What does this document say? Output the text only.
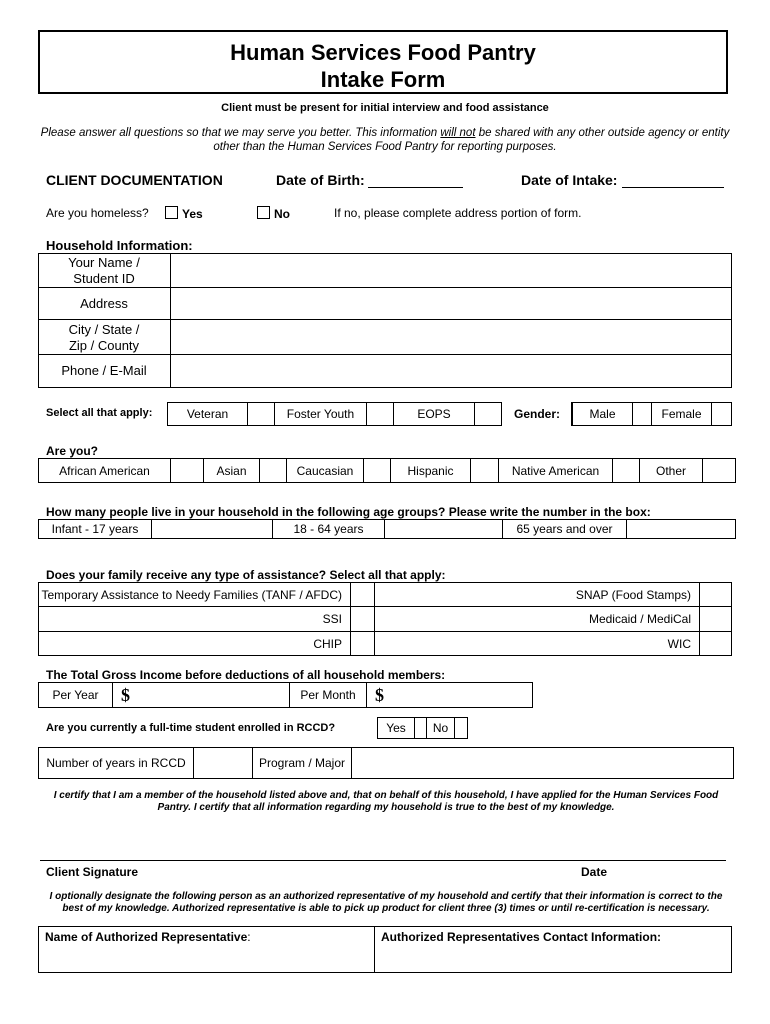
Human Services Food Pantry
Intake Form
Client must be present for initial interview and food assistance
Please answer all questions so that we may serve you better. This information will not be shared with any other outside agency or entity other than the Human Services Food Pantry for reporting purposes.
CLIENT DOCUMENTATION	Date of Birth:	Date of Intake:
Are you homeless?	Yes	No	If no, please complete address portion of form.
Household Information:
Your Name /
Student ID
Address
City / State /
Zip / County
Phone / E-Mail
Select all that apply:	Veteran	Foster Youth	EOPS	Gender:	Male	Female
Are you?
African American	Asian	Caucasian	Hispanic	Native American	Other
How many people live in your household in the following age groups? Please write the number in the box:
Infant - 17 years	18 - 64 years	65 years and over
Does your family receive any type of assistance? Select all that apply:
Temporary Assistance to Needy Families (TANF / AFDC)	SNAP (Food Stamps)
SSI	Medicaid / MediCal
CHIP	WIC
The Total Gross Income before deductions of all household members:
Per Year	$	Per Month	$
Are you currently a full-time student enrolled in RCCD?	Yes	No
Number of years in RCCD	Program / Major
I certify that I am a member of the household listed above and, that on behalf of this household, I have applied for the Human Services Food Pantry. I certify that all information regarding my household is true to the best of my knowledge.
Client Signature	Date
I optionally designate the following person as an authorized representative of my household and certify that their information is correct to the best of my knowledge. Authorized representative is able to pick up product for client three (3) times or until re-certification is necessary.
Name of Authorized Representative:	Authorized Representatives Contact Information:
